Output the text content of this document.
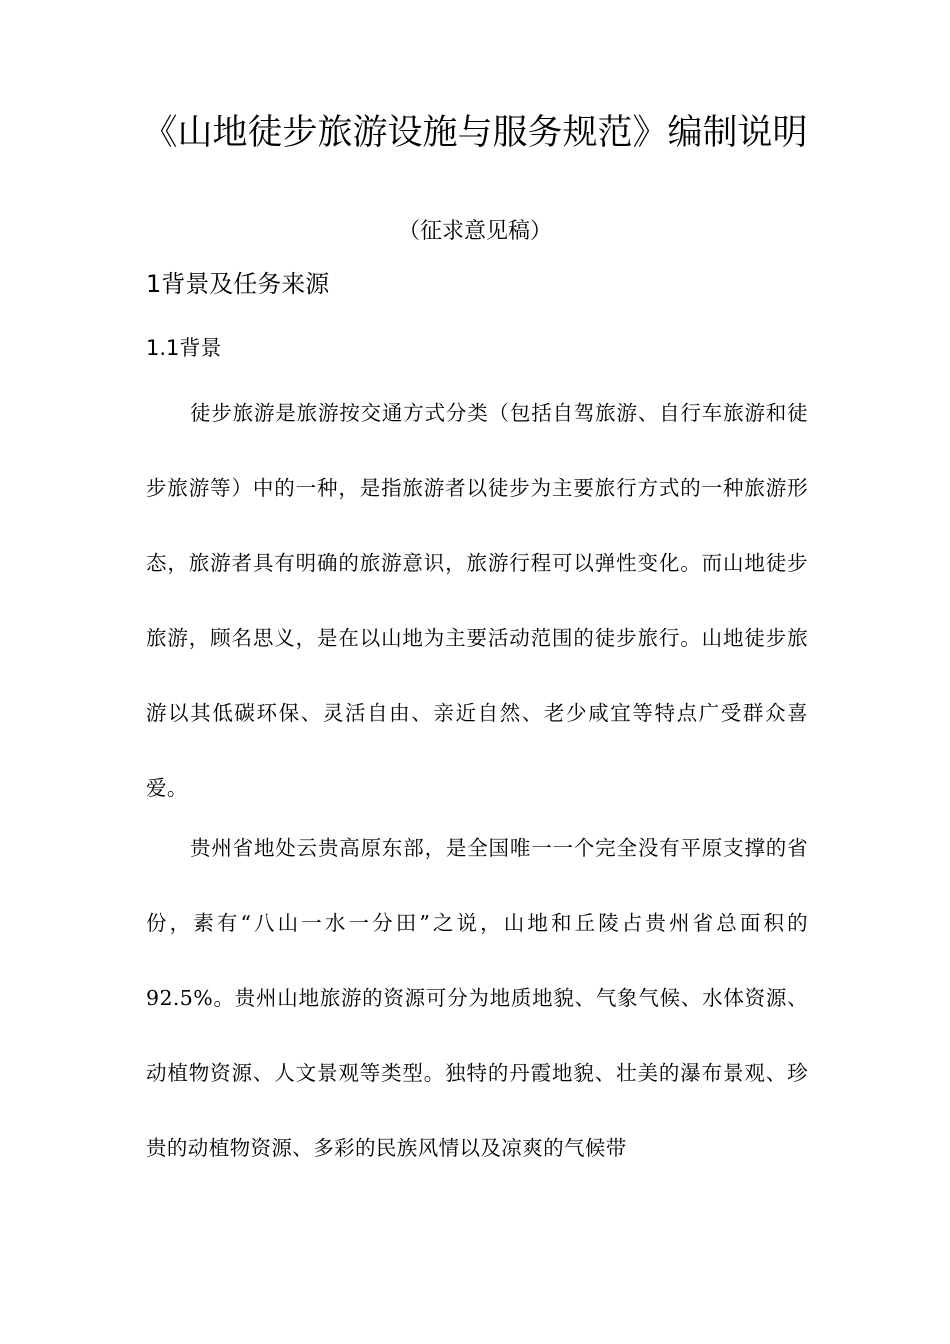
《山地徒步旅游设施与服务规范》编制说明

（征求意见稿）

1背景及任务来源
1.1背景

徒步旅游是旅游按交通方式分类（包括自驾旅游、自行车旅游和徒步旅游等）中的一种，是指旅游者以徒步为主要旅行方式的一种旅游形态，旅游者具有明确的旅游意识，旅游行程可以弹性变化。而山地徒步旅游，顾名思义，是在以山地为主要活动范围的徒步旅行。山地徒步旅游以其低碳环保、灵活自由、亲近自然、老少咸宜等特点广受群众喜爱。

贵州省地处云贵高原东部，是全国唯一一个完全没有平原支撑的省份，素有“八山一水一分田”之说，山地和丘陵占贵州省总面积的92.5%。贵州山地旅游的资源可分为地质地貌、气象气候、水体资源、动植物资源、人文景观等类型。独特的丹霞地貌、壮美的瀑布景观、珍贵的动植物资源、多彩的民族风情以及凉爽的气候带
